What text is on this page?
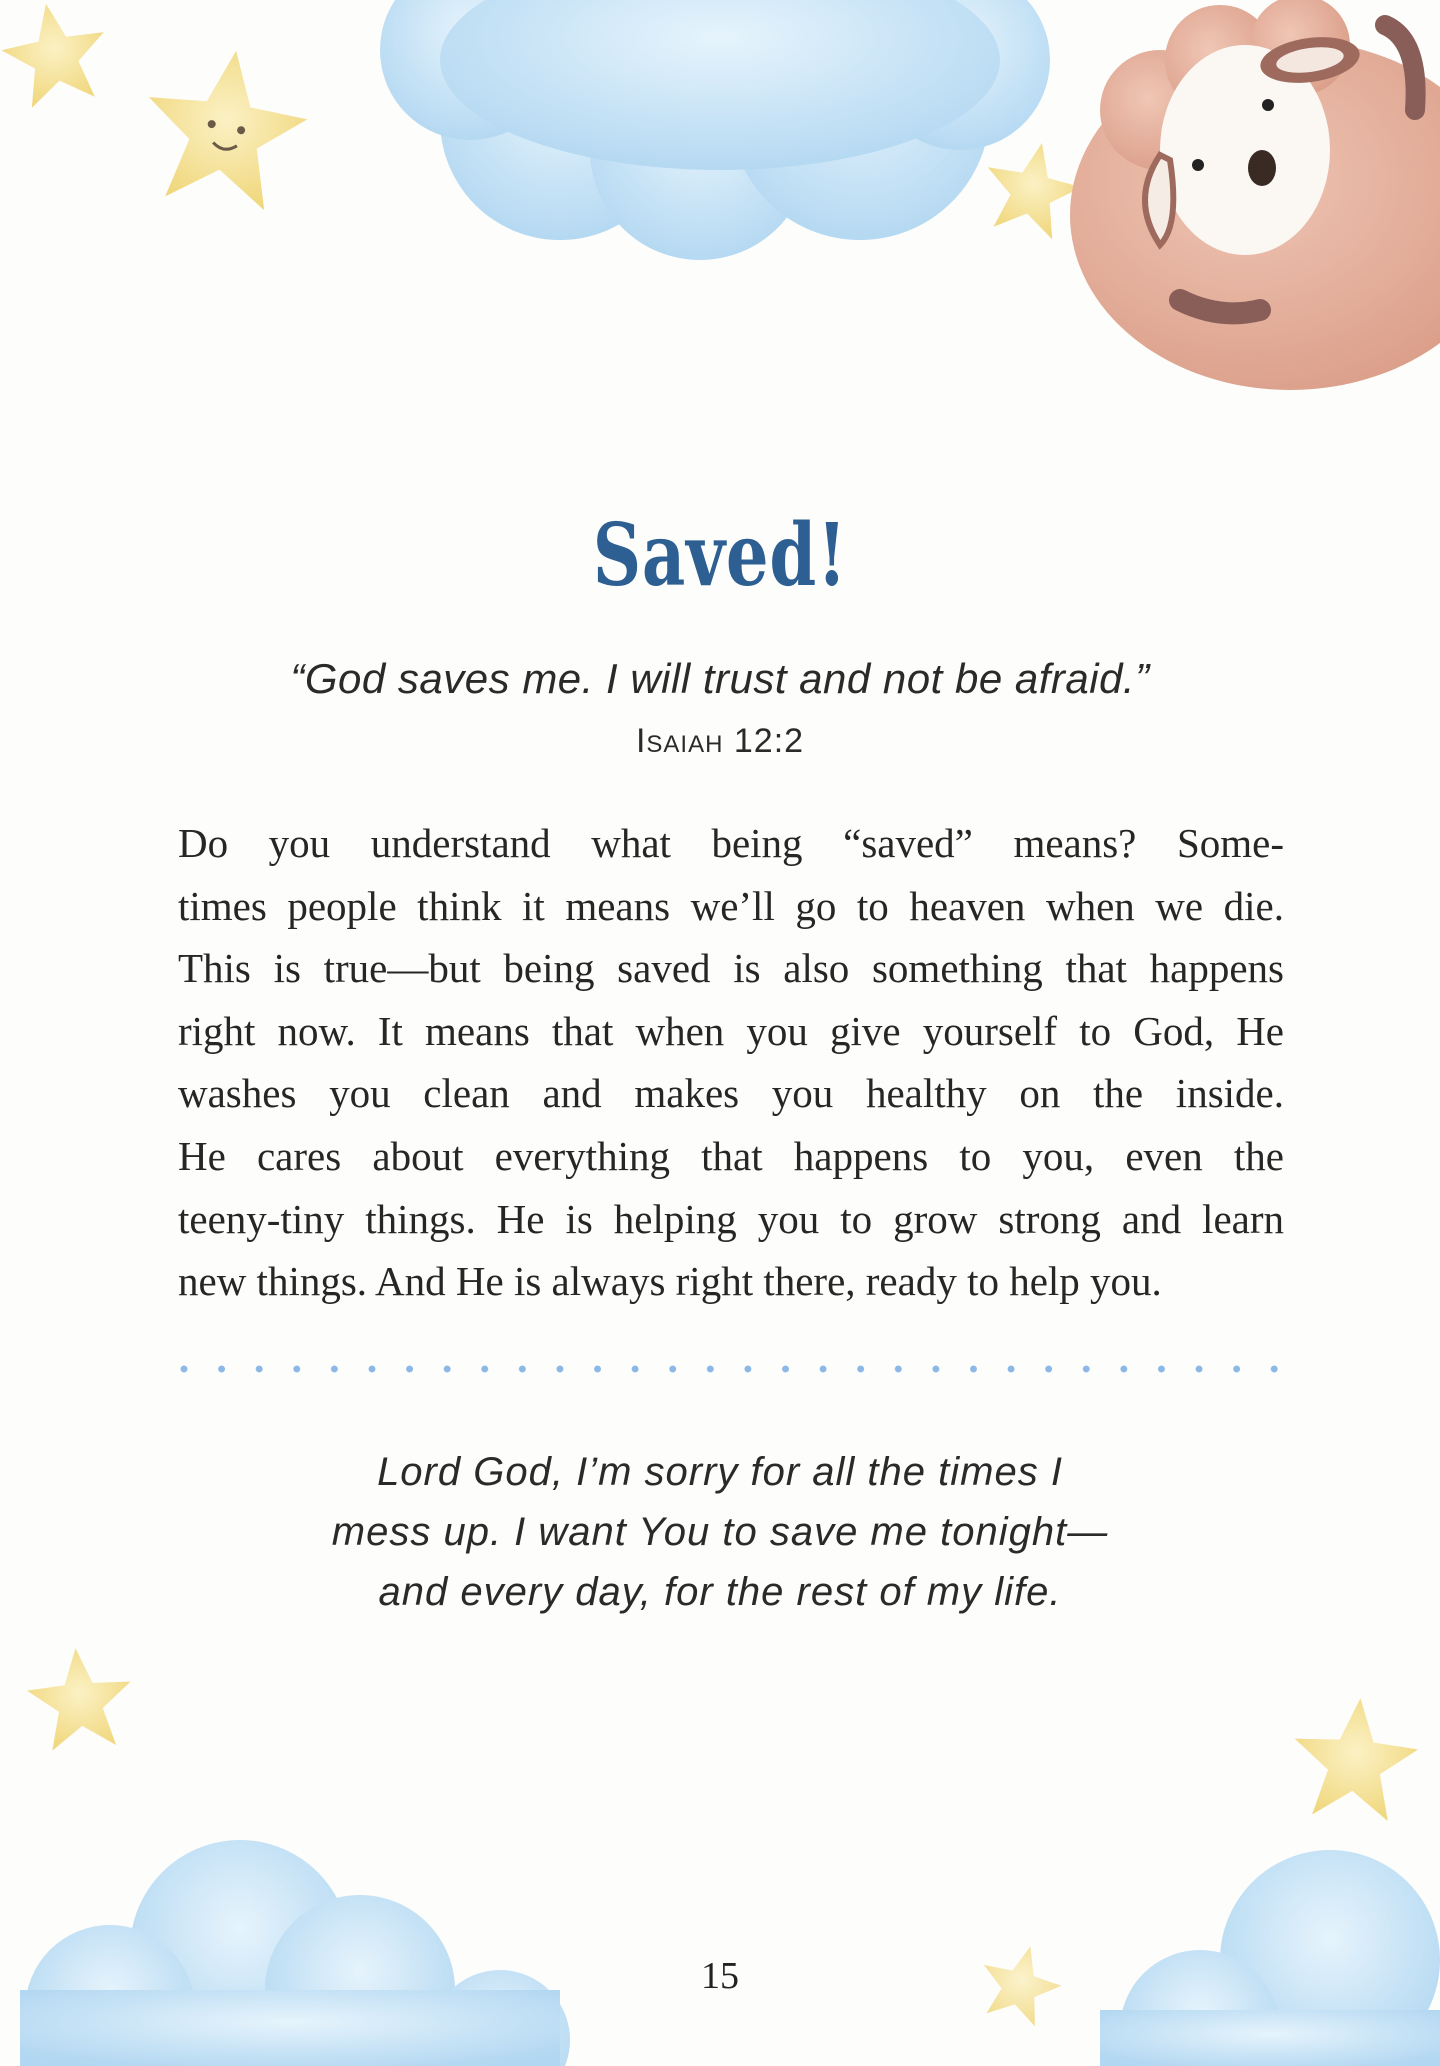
Saved!
“God saves me. I will trust and not be afraid.”
Isaiah 12:2
Do you understand what being “saved” means? Some-
times people think it means we’ll go to heaven when we die.
This is true—but being saved is also something that happens
right now. It means that when you give yourself to God, He
washes you clean and makes you healthy on the inside.
He cares about everything that happens to you, even the
teeny-tiny things. He is helping you to grow strong and learn
new things. And He is always right there, ready to help you.
Lord God, I’m sorry for all the times I
mess up. I want You to save me tonight—
and every day, for the rest of my life.
15
